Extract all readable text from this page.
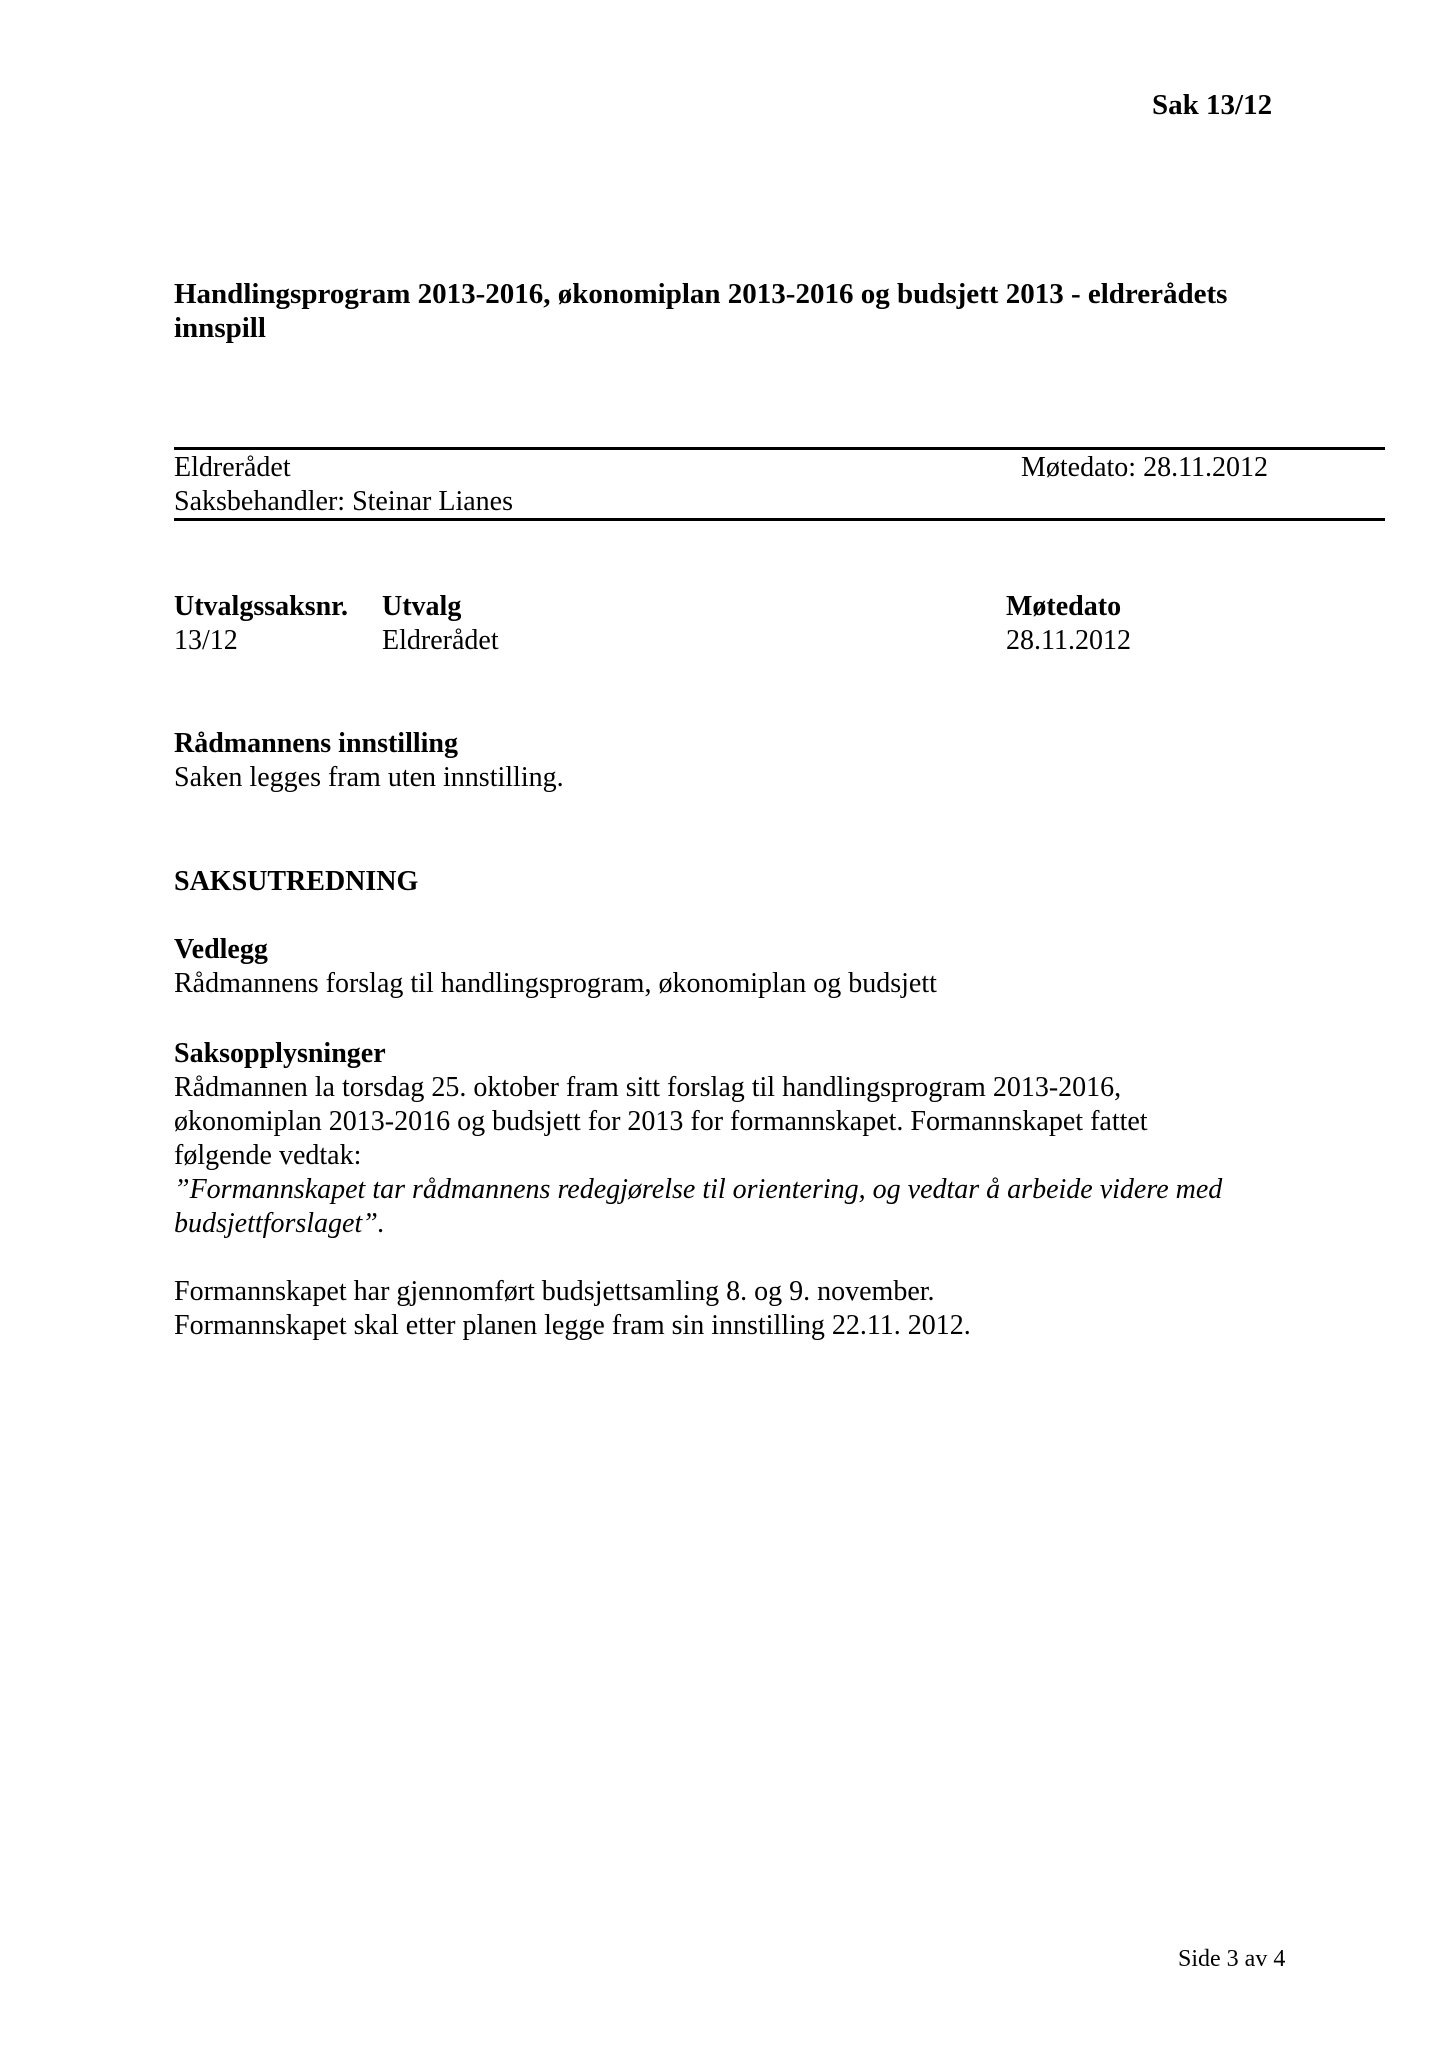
Sak 13/12
Handlingsprogram 2013-2016, økonomiplan 2013-2016 og budsjett 2013 - eldrerådets
innspill
Eldrerådet	Møtedato: 28.11.2012
Saksbehandler: Steinar Lianes
Utvalgssaksnr. Utvalg	Møtedato
13/12	Eldrerådet	28.11.2012
Rådmannens innstilling
Saken legges fram uten innstilling.
SAKSUTREDNING
Vedlegg
Rådmannens forslag til handlingsprogram, økonomiplan og budsjett
Saksopplysninger
Rådmannen la torsdag 25. oktober fram sitt forslag til handlingsprogram 2013-2016,
økonomiplan 2013-2016 og budsjett for 2013 for formannskapet. Formannskapet fattet
følgende vedtak:
”Formannskapet tar rådmannens redegjørelse til orientering, og vedtar å arbeide videre med
budsjettforslaget”.
Formannskapet har gjennomført budsjettsamling 8. og 9. november.
Formannskapet skal etter planen legge fram sin innstilling 22.11. 2012.
Side 3 av 4
